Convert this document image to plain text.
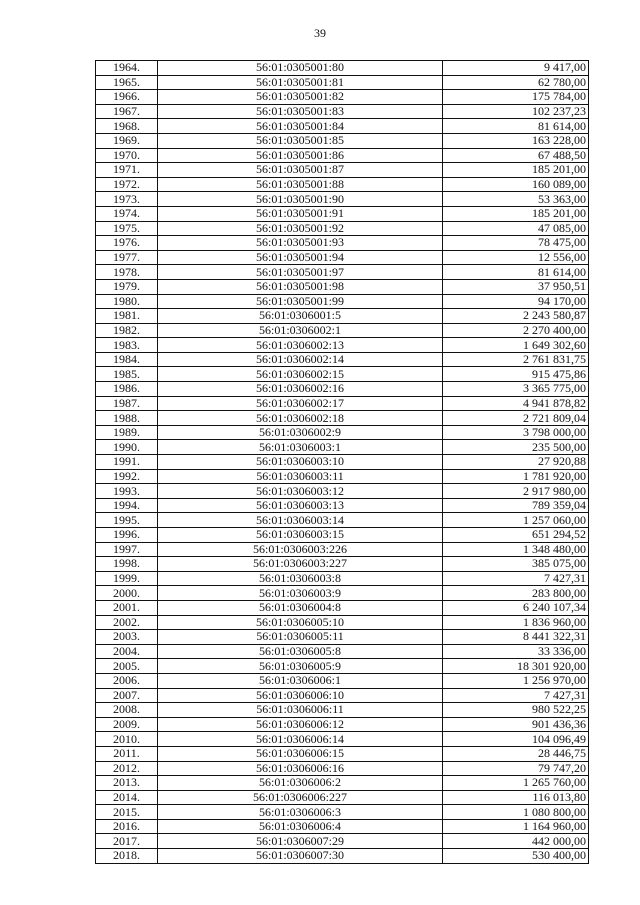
39
1964.	56:01:0305001:80	9 417,00
1965.	56:01:0305001:81	62 780,00
1966.	56:01:0305001:82	175 784,00
1967.	56:01:0305001:83	102 237,23
1968.	56:01:0305001:84	81 614,00
1969.	56:01:0305001:85	163 228,00
1970.	56:01:0305001:86	67 488,50
1971.	56:01:0305001:87	185 201,00
1972.	56:01:0305001:88	160 089,00
1973.	56:01:0305001:90	53 363,00
1974.	56:01:0305001:91	185 201,00
1975.	56:01:0305001:92	47 085,00
1976.	56:01:0305001:93	78 475,00
1977.	56:01:0305001:94	12 556,00
1978.	56:01:0305001:97	81 614,00
1979.	56:01:0305001:98	37 950,51
1980.	56:01:0305001:99	94 170,00
1981.	56:01:0306001:5	2 243 580,87
1982.	56:01:0306002:1	2 270 400,00
1983.	56:01:0306002:13	1 649 302,60
1984.	56:01:0306002:14	2 761 831,75
1985.	56:01:0306002:15	915 475,86
1986.	56:01:0306002:16	3 365 775,00
1987.	56:01:0306002:17	4 941 878,82
1988.	56:01:0306002:18	2 721 809,04
1989.	56:01:0306002:9	3 798 000,00
1990.	56:01:0306003:1	235 500,00
1991.	56:01:0306003:10	27 920,88
1992.	56:01:0306003:11	1 781 920,00
1993.	56:01:0306003:12	2 917 980,00
1994.	56:01:0306003:13	789 359,04
1995.	56:01:0306003:14	1 257 060,00
1996.	56:01:0306003:15	651 294,52
1997.	56:01:0306003:226	1 348 480,00
1998.	56:01:0306003:227	385 075,00
1999.	56:01:0306003:8	7 427,31
2000.	56:01:0306003:9	283 800,00
2001.	56:01:0306004:8	6 240 107,34
2002.	56:01:0306005:10	1 836 960,00
2003.	56:01:0306005:11	8 441 322,31
2004.	56:01:0306005:8	33 336,00
2005.	56:01:0306005:9	18 301 920,00
2006.	56:01:0306006:1	1 256 970,00
2007.	56:01:0306006:10	7 427,31
2008.	56:01:0306006:11	980 522,25
2009.	56:01:0306006:12	901 436,36
2010.	56:01:0306006:14	104 096,49
2011.	56:01:0306006:15	28 446,75
2012.	56:01:0306006:16	79 747,20
2013.	56:01:0306006:2	1 265 760,00
2014.	56:01:0306006:227	116 013,80
2015.	56:01:0306006:3	1 080 800,00
2016.	56:01:0306006:4	1 164 960,00
2017.	56:01:0306007:29	442 000,00
2018.	56:01:0306007:30	530 400,00
